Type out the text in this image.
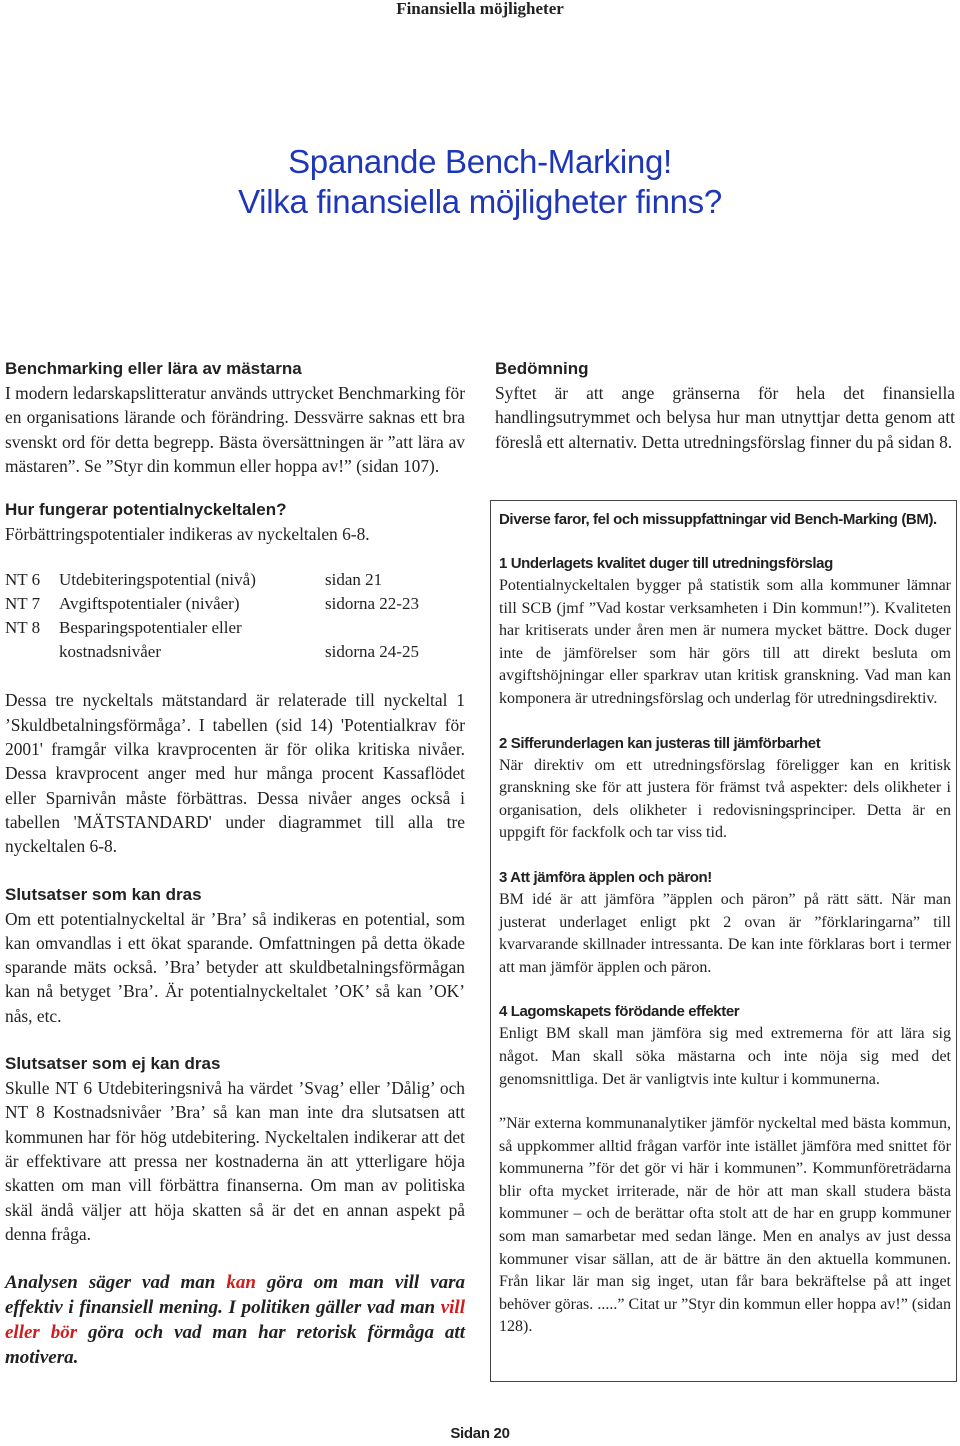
Finansiella möjligheter
Spanande Bench-Marking!
Vilka finansiella möjligheter finns?
Benchmarking eller lära av mästarna

I modern ledarskapslitteratur används uttrycket Benchmarking för en organisations lärande och förändring. Dessvärre saknas ett bra svenskt ord för detta begrepp. Bästa översättningen är ”att lära av mästaren”. Se ”Styr din kommun eller hoppa av!” (sidan 107).

Hur fungerar potentialnyckeltalen?

Förbättringspotentialer indikeras av nyckeltalen 6-8.

NT 6	Utdebiteringspotential (nivå)	sidan 21
NT 7	Avgiftspotentialer (nivåer)	sidorna 22-23
NT 8	Besparingspotentialer eller
kostnadsnivåer	sidorna 24-25

Dessa tre nyckeltals mätstandard är relaterade till nyckeltal 1 ’Skuldbetalningsförmåga’. I tabellen (sid 14) 'Potentialkrav för 2001' framgår vilka kravprocenten är för olika kritiska nivåer. Dessa kravprocent anger med hur många procent Kassaflödet eller Sparnivån måste förbättras. Dessa nivåer anges också i tabellen 'MÄTSTANDARD' under diagrammet till alla tre nyckeltalen 6-8.

Slutsatser som kan dras

Om ett potentialnyckeltal är ’Bra’ så indikeras en potential, som kan omvandlas i ett ökat sparande. Omfattningen på detta ökade sparande mäts också. ’Bra’ betyder att skuldbetalningsförmågan kan nå betyget ’Bra’. Är potentialnyckeltalet ’OK’ så kan ’OK’ nås, etc.

Slutsatser som ej kan dras

Skulle NT 6 Utdebiteringsnivå ha värdet ’Svag’ eller ’Dålig’ och NT 8 Kostnadsnivåer ’Bra’ så kan man inte dra slutsatsen att kommunen har för hög utdebitering. Nyckeltalen indikerar att det är effektivare att pressa ner kostnaderna än att ytterligare höja skatten om man vill förbättra finanserna. Om man av politiska skäl ändå väljer att höja skatten så är det en annan aspekt på denna fråga.

Analysen säger vad man kan göra om man vill vara effektiv i finansiell mening. I politiken gäller vad man vill eller bör göra och vad man har retorisk förmåga att motivera.

Bedömning

Syftet är att ange gränserna för hela det finansiella handlingsutrymmet och belysa hur man utnyttjar detta genom att föreslå ett alternativ. Detta utredningsförslag finner du på sidan 8.

Diverse faror, fel och missuppfattningar vid Bench-Marking (BM).
1 Underlagets kvalitet duger till utredningsförslag
Potentialnyckeltalen bygger på statistik som alla kommuner lämnar till SCB (jmf ”Vad kostar verksamheten i Din kommun!”). Kvaliteten har kritiserats under åren men är numera mycket bättre. Dock duger inte de jämförelser som här görs till att direkt besluta om avgiftshöjningar eller sparkrav utan kritisk granskning. Vad man kan komponera är utredningsförslag och underlag för utredningsdirektiv.
2 Sifferunderlagen kan justeras till jämförbarhet
När direktiv om ett utredningsförslag föreligger kan en kritisk granskning ske för att justera för främst två aspekter: dels olikheter i organisation, dels olikheter i redovisningsprinciper. Detta är en uppgift för fackfolk och tar viss tid.
3 Att jämföra äpplen och päron!
BM idé är att jämföra ”äpplen och päron” på rätt sätt. När man justerat underlaget enligt pkt 2 ovan är ”förklaringarna” till kvarvarande skillnader intressanta. De kan inte förklaras bort i termer att man jämför äpplen och päron.
4 Lagomskapets förödande effekter
Enligt BM skall man jämföra sig med extremerna för att lära sig något. Man skall söka mästarna och inte nöja sig med det genomsnittliga. Det är vanligtvis inte kultur i kommunerna.
”När externa kommunanalytiker jämför nyckeltal med bästa kommun, så uppkommer alltid frågan varför inte istället jämföra med snittet för kommunerna ”för det gör vi här i kommunen”. Kommunföreträdarna blir ofta mycket irriterade, när de hör att man skall studera bästa kommuner – och de berättar ofta stolt att de har en grupp kommuner som man samarbetar med sedan länge. Men en analys av just dessa kommuner visar sällan, att de är bättre än den aktuella kommunen. Från likar lär man sig inget, utan får bara bekräftelse på att inget behöver göras. .....” Citat ur ”Styr din kommun eller hoppa av!” (sidan 128).
Sidan 20
